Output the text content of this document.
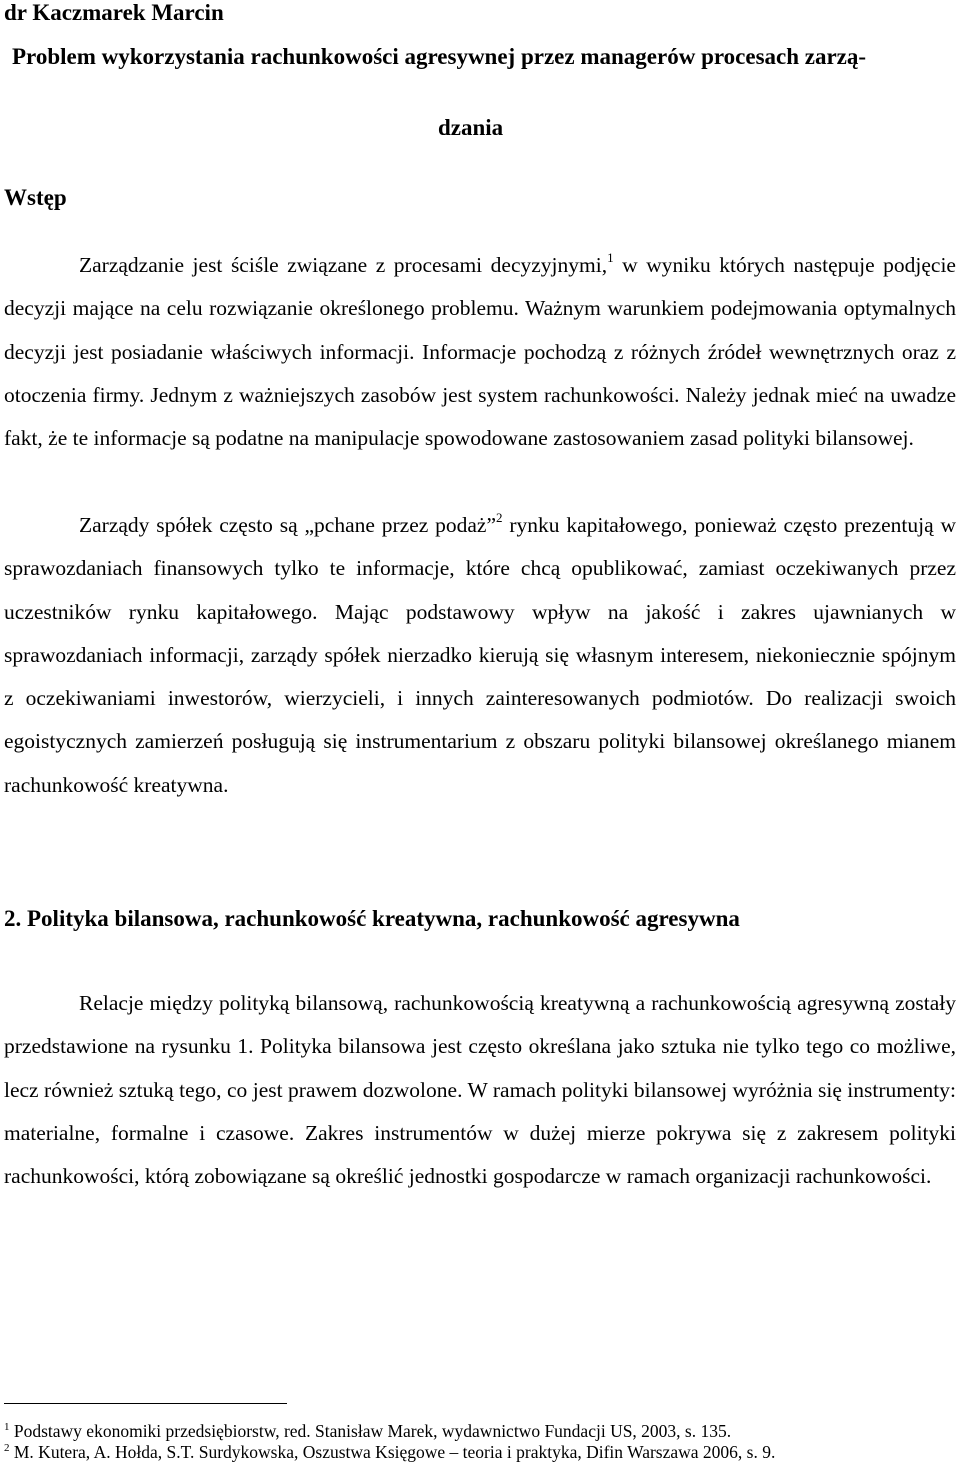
dr Kaczmarek Marcin
Problem wykorzystania rachunkowości agresywnej przez managerów procesach zarzą-
dzania
Wstęp

Zarządzanie jest ściśle związane z procesami decyzyjnymi,$^1$ w wyniku których następuje podjęcie decyzji mające na celu rozwiązanie określonego problemu. Ważnym warunkiem podejmowania optymalnych decyzji jest posiadanie właściwych informacji. Informacje pochodzą z różnych źródeł wewnętrznych oraz z otoczenia firmy. Jednym z ważniejszych zasobów jest system rachunkowości. Należy jednak mieć na uwadze fakt, że te informacje są podatne na manipulacje spowodowane zastosowaniem zasad polityki bilansowej.

Zarządy spółek często są „pchane przez podaż”$^2$ rynku kapitałowego, ponieważ często prezentują w sprawozdaniach finansowych tylko te informacje, które chcą opublikować, zamiast oczekiwanych przez uczestników rynku kapitałowego. Mając podstawowy wpływ na jakość i zakres ujawnianych w sprawozdaniach informacji, zarządy spółek nierzadko kierują się własnym interesem, niekoniecznie spójnym z oczekiwaniami inwestorów, wierzycieli, i innych zainteresowanych podmiotów. Do realizacji swoich egoistycznych zamierzeń posługują się instrumentarium z obszaru polityki bilansowej określanego mianem rachunkowość kreatywna.

2. Polityka bilansowa, rachunkowość kreatywna, rachunkowość agresywna

Relacje między polityką bilansową, rachunkowością kreatywną a rachunkowością agresywną zostały przedstawione na rysunku 1. Polityka bilansowa jest często określana jako sztuka nie tylko tego co możliwe, lecz również sztuką tego, co jest prawem dozwolone. W ramach polityki bilansowej wyróżnia się instrumenty: materialne, formalne i czasowe. Zakres instrumentów w dużej mierze pokrywa się z zakresem polityki rachunkowości, którą zobowiązane są określić jednostki gospodarcze w ramach organizacji rachunkowości.

$^1$ Podstawy ekonomiki przedsiębiorstw, red. Stanisław Marek, wydawnictwo Fundacji US, 2003, s. 135.
$^2$ M. Kutera, A. Hołda, S.T. Surdykowska, Oszustwa Księgowe – teoria i praktyka, Difin Warszawa 2006, s. 9.
